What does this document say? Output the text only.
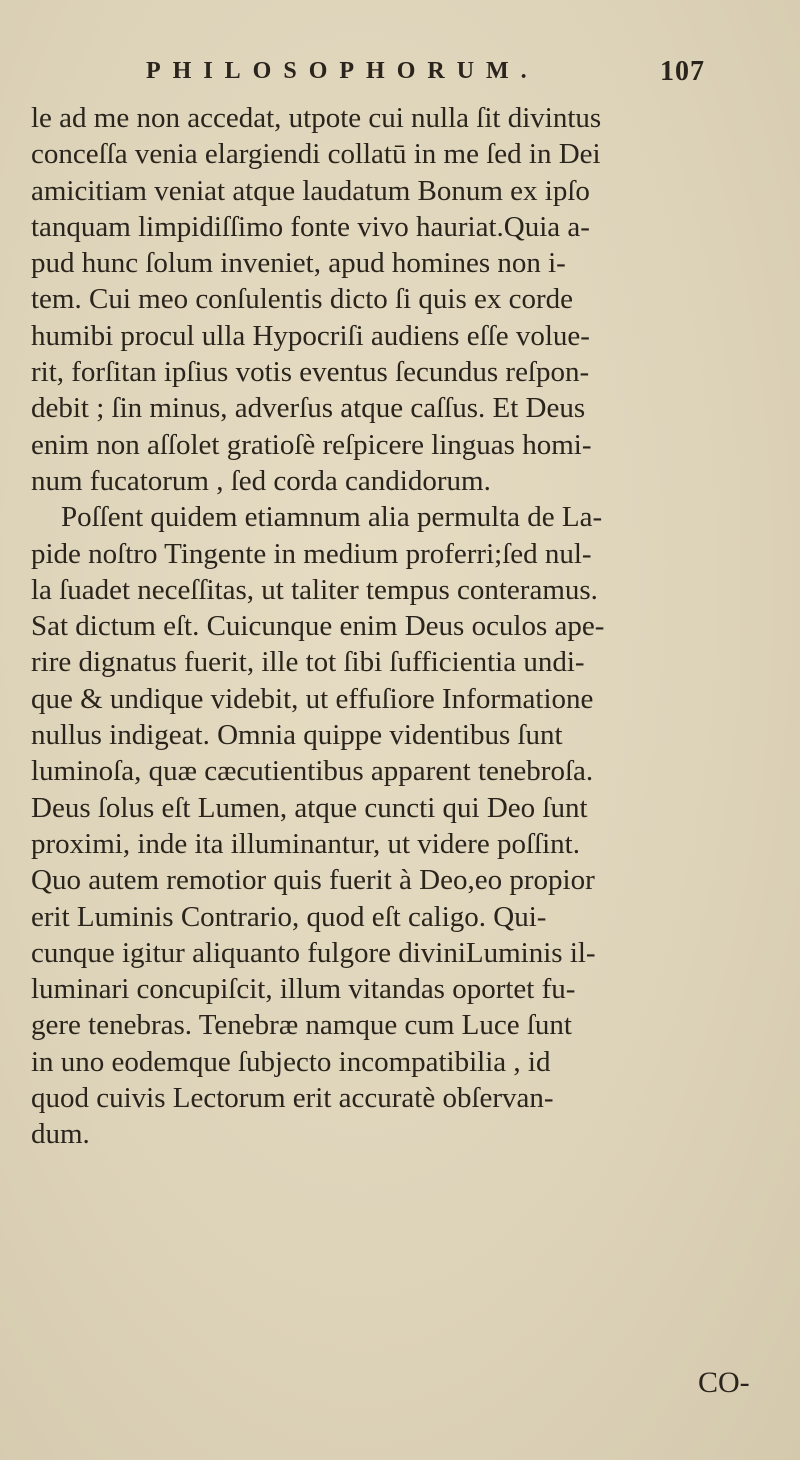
PHILOSOPHORUM.	107
le ad me non accedat, utpote cui nulla ſit divintus
conceſſa venia elargiendi collatū in me ſed in Dei
amicitiam veniat atque laudatum Bonum ex ipſo
tanquam limpidiſſimo fonte vivo hauriat.Quia a-
pud hunc ſolum inveniet, apud homines non i-
tem. Cui meo conſulentis dicto ſi quis ex corde
humibi procul ulla Hypocriſi audiens eſſe volue-
rit, forſitan ipſius votis eventus ſecundus reſpon-
debit ; ſin minus, adverſus atque caſſus. Et Deus
enim non aſſolet gratioſè reſpicere linguas homi-
num fucatorum , ſed corda candidorum.
Poſſent quidem etiamnum alia permulta de La-
pide noſtro Tingente in medium proferri;ſed nul-
la ſuadet neceſſitas, ut taliter tempus conteramus.
Sat dictum eſt. Cuicunque enim Deus oculos ape-
rire dignatus fuerit, ille tot ſibi ſufficientia undi-
que & undique videbit, ut effuſiore Informatione
nullus indigeat. Omnia quippe videntibus ſunt
luminoſa, quæ cæcutientibus apparent tenebroſa.
Deus ſolus eſt Lumen, atque cuncti qui Deo ſunt
proximi, inde ita illuminantur, ut videre poſſint.
Quo autem remotior quis fuerit à Deo,eo propior
erit Luminis Contrario, quod eſt caligo. Qui-
cunque igitur aliquanto fulgore diviniLuminis il-
luminari concupiſcit, illum vitandas oportet fu-
gere tenebras. Tenebræ namque cum Luce ſunt
in uno eodemque ſubjecto incompatibilia , id
quod cuivis Lectorum erit accuratè obſervan-
dum.
CO-
